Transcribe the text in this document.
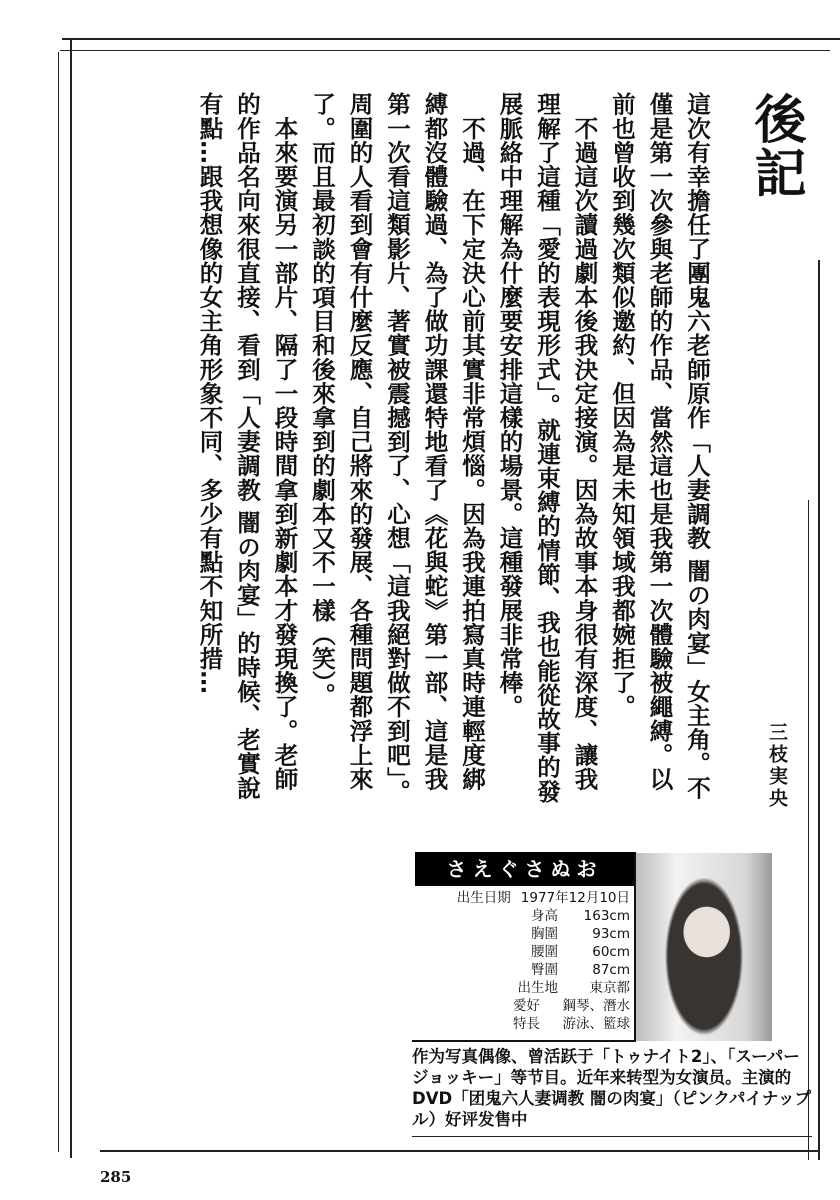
後記
三枝実央

這次有幸擔任了團鬼六老師原作「人妻調教 闇の肉宴」女主角。不僅是第一次參與老師的作品、當然這也是我第一次體驗被繩縛。以前也曾收到幾次類似邀約、但因為是未知領域我都婉拒了。

　不過這次讀過劇本後我決定接演。因為故事本身很有深度、讓我理解了這種「愛的表現形式」。就連束縛的情節、我也能從故事的發展脈絡中理解為什麼要安排這樣的場景。這種發展非常棒。

　不過、在下定決心前其實非常煩惱。因為我連拍寫真時連輕度綁縛都沒體驗過、為了做功課還特地看了《花與蛇》第一部、這是我第一次看這類影片、著實被震撼到了、心想「這我絕對做不到吧」。周圍的人看到會有什麼反應、自己將來的發展、各種問題都浮上來了。而且最初談的項目和後來拿到的劇本又不一樣（笑）。

　本來要演另一部片、隔了一段時間拿到新劇本才發現換了。老師的作品名向來很直接、看到「人妻調教 闇の肉宴」的時候、老實說有點…跟我想像的女主角形象不同、多少有點不知所措…

さえぐさぬお
出生日期 1977年12月10日
身高	163cm
胸圍	93cm
腰圍	60cm
臀圍	87cm
出生地	東京都
愛好	鋼琴、潛水
特長	游泳、籃球
作为写真偶像、曾活跃于「トゥナイト2」、「スーパージョッキー」等节目。近年来转型为女演员。主演的DVD「团鬼六人妻调教 闇の肉宴」（ピンクパイナップル）好评发售中
285
